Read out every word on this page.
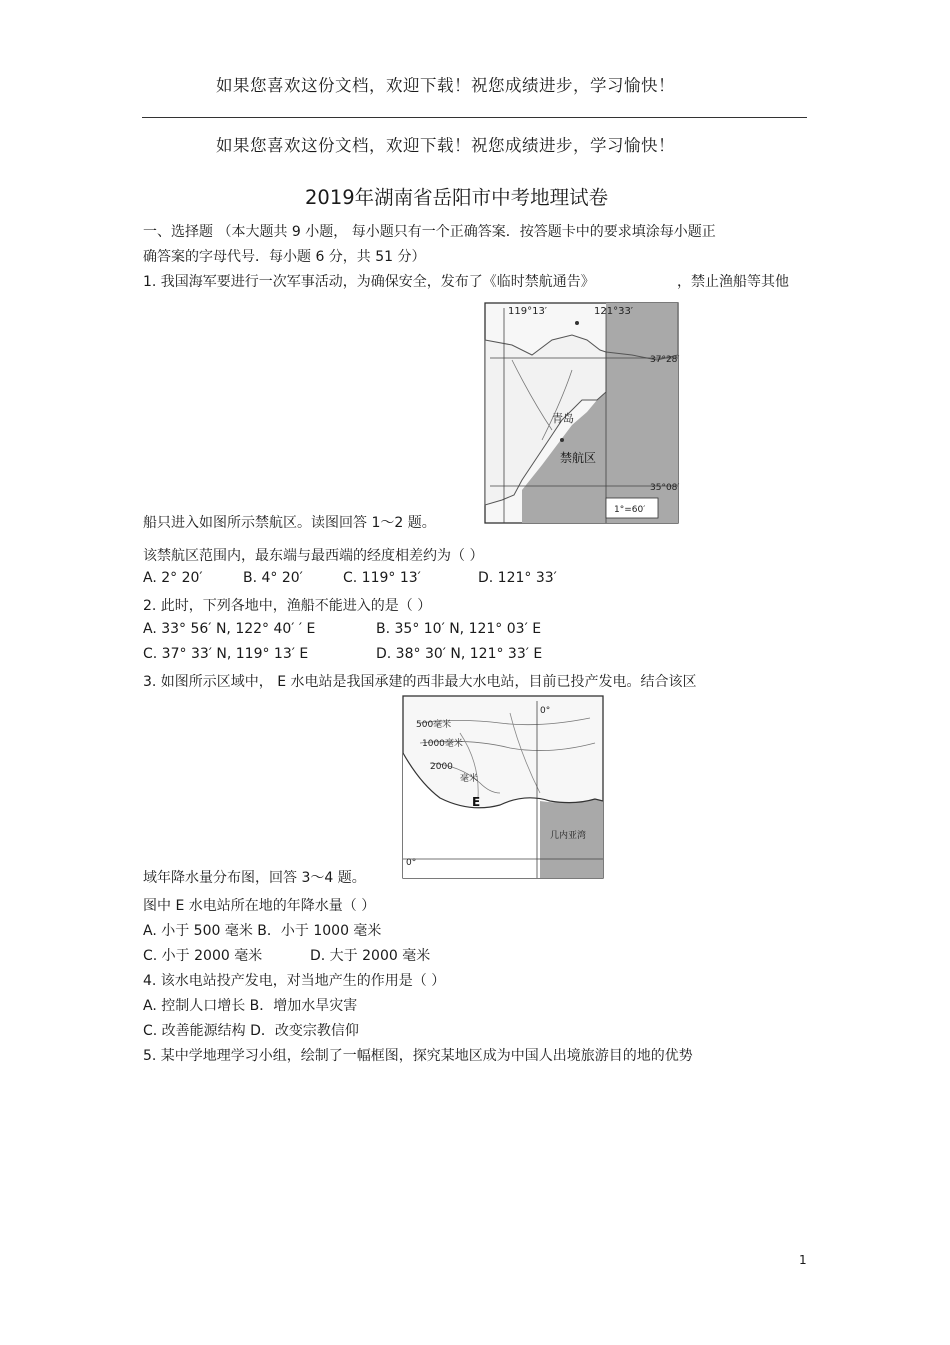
如果您喜欢这份文档，欢迎下载！祝您成绩进步，学习愉快！
如果您喜欢这份文档，欢迎下载！祝您成绩进步，学习愉快！
2019年湖南省岳阳市中考地理试卷
一、选择题 （本大题共 9 小题， 每小题只有一个正确答案．按答题卡中的要求填涂每小题正
确答案的字母代号．每小题 6 分，共 51 分）
1. 我国海军要进行一次军事活动，为确保安全，发布了《临时禁航通告》	，禁止渔船等其他
119°13′	121°33′
37°28′
35°08′
青岛
禁航区
1°=60′
船只进入如图所示禁航区。读图回答 1～2 题。
该禁航区范围内，最东端与最西端的经度相差约为（ ）
A. 2° 20′	B. 4° 20′	C. 119° 13′	D. 121° 33′
2. 此时，下列各地中，渔船不能进入的是（ ）
A. 33° 56′ N, 122° 40′ ′ E	B. 35° 10′ N, 121° 03′ E
C. 37° 33′ N, 119° 13′ E	D. 38° 30′ N, 121° 33′ E
3. 如图所示区域中， E 水电站是我国承建的西非最大水电站，目前已投产发电。结合该区
500毫米
1000毫米
2000
毫米
E
几内亚湾
0°
0°
域年降水量分布图，回答 3～4 题。
图中 E 水电站所在地的年降水量（ ）
A. 小于 500 毫米 B．小于 1000 毫米
C. 小于 2000 毫米	D. 大于 2000 毫米
4. 该水电站投产发电，对当地产生的作用是（ ）
A. 控制人口增长 B．增加水旱灾害
C. 改善能源结构 D．改变宗教信仰
5. 某中学地理学习小组，绘制了一幅框图，探究某地区成为中国人出境旅游目的地的优势
1
